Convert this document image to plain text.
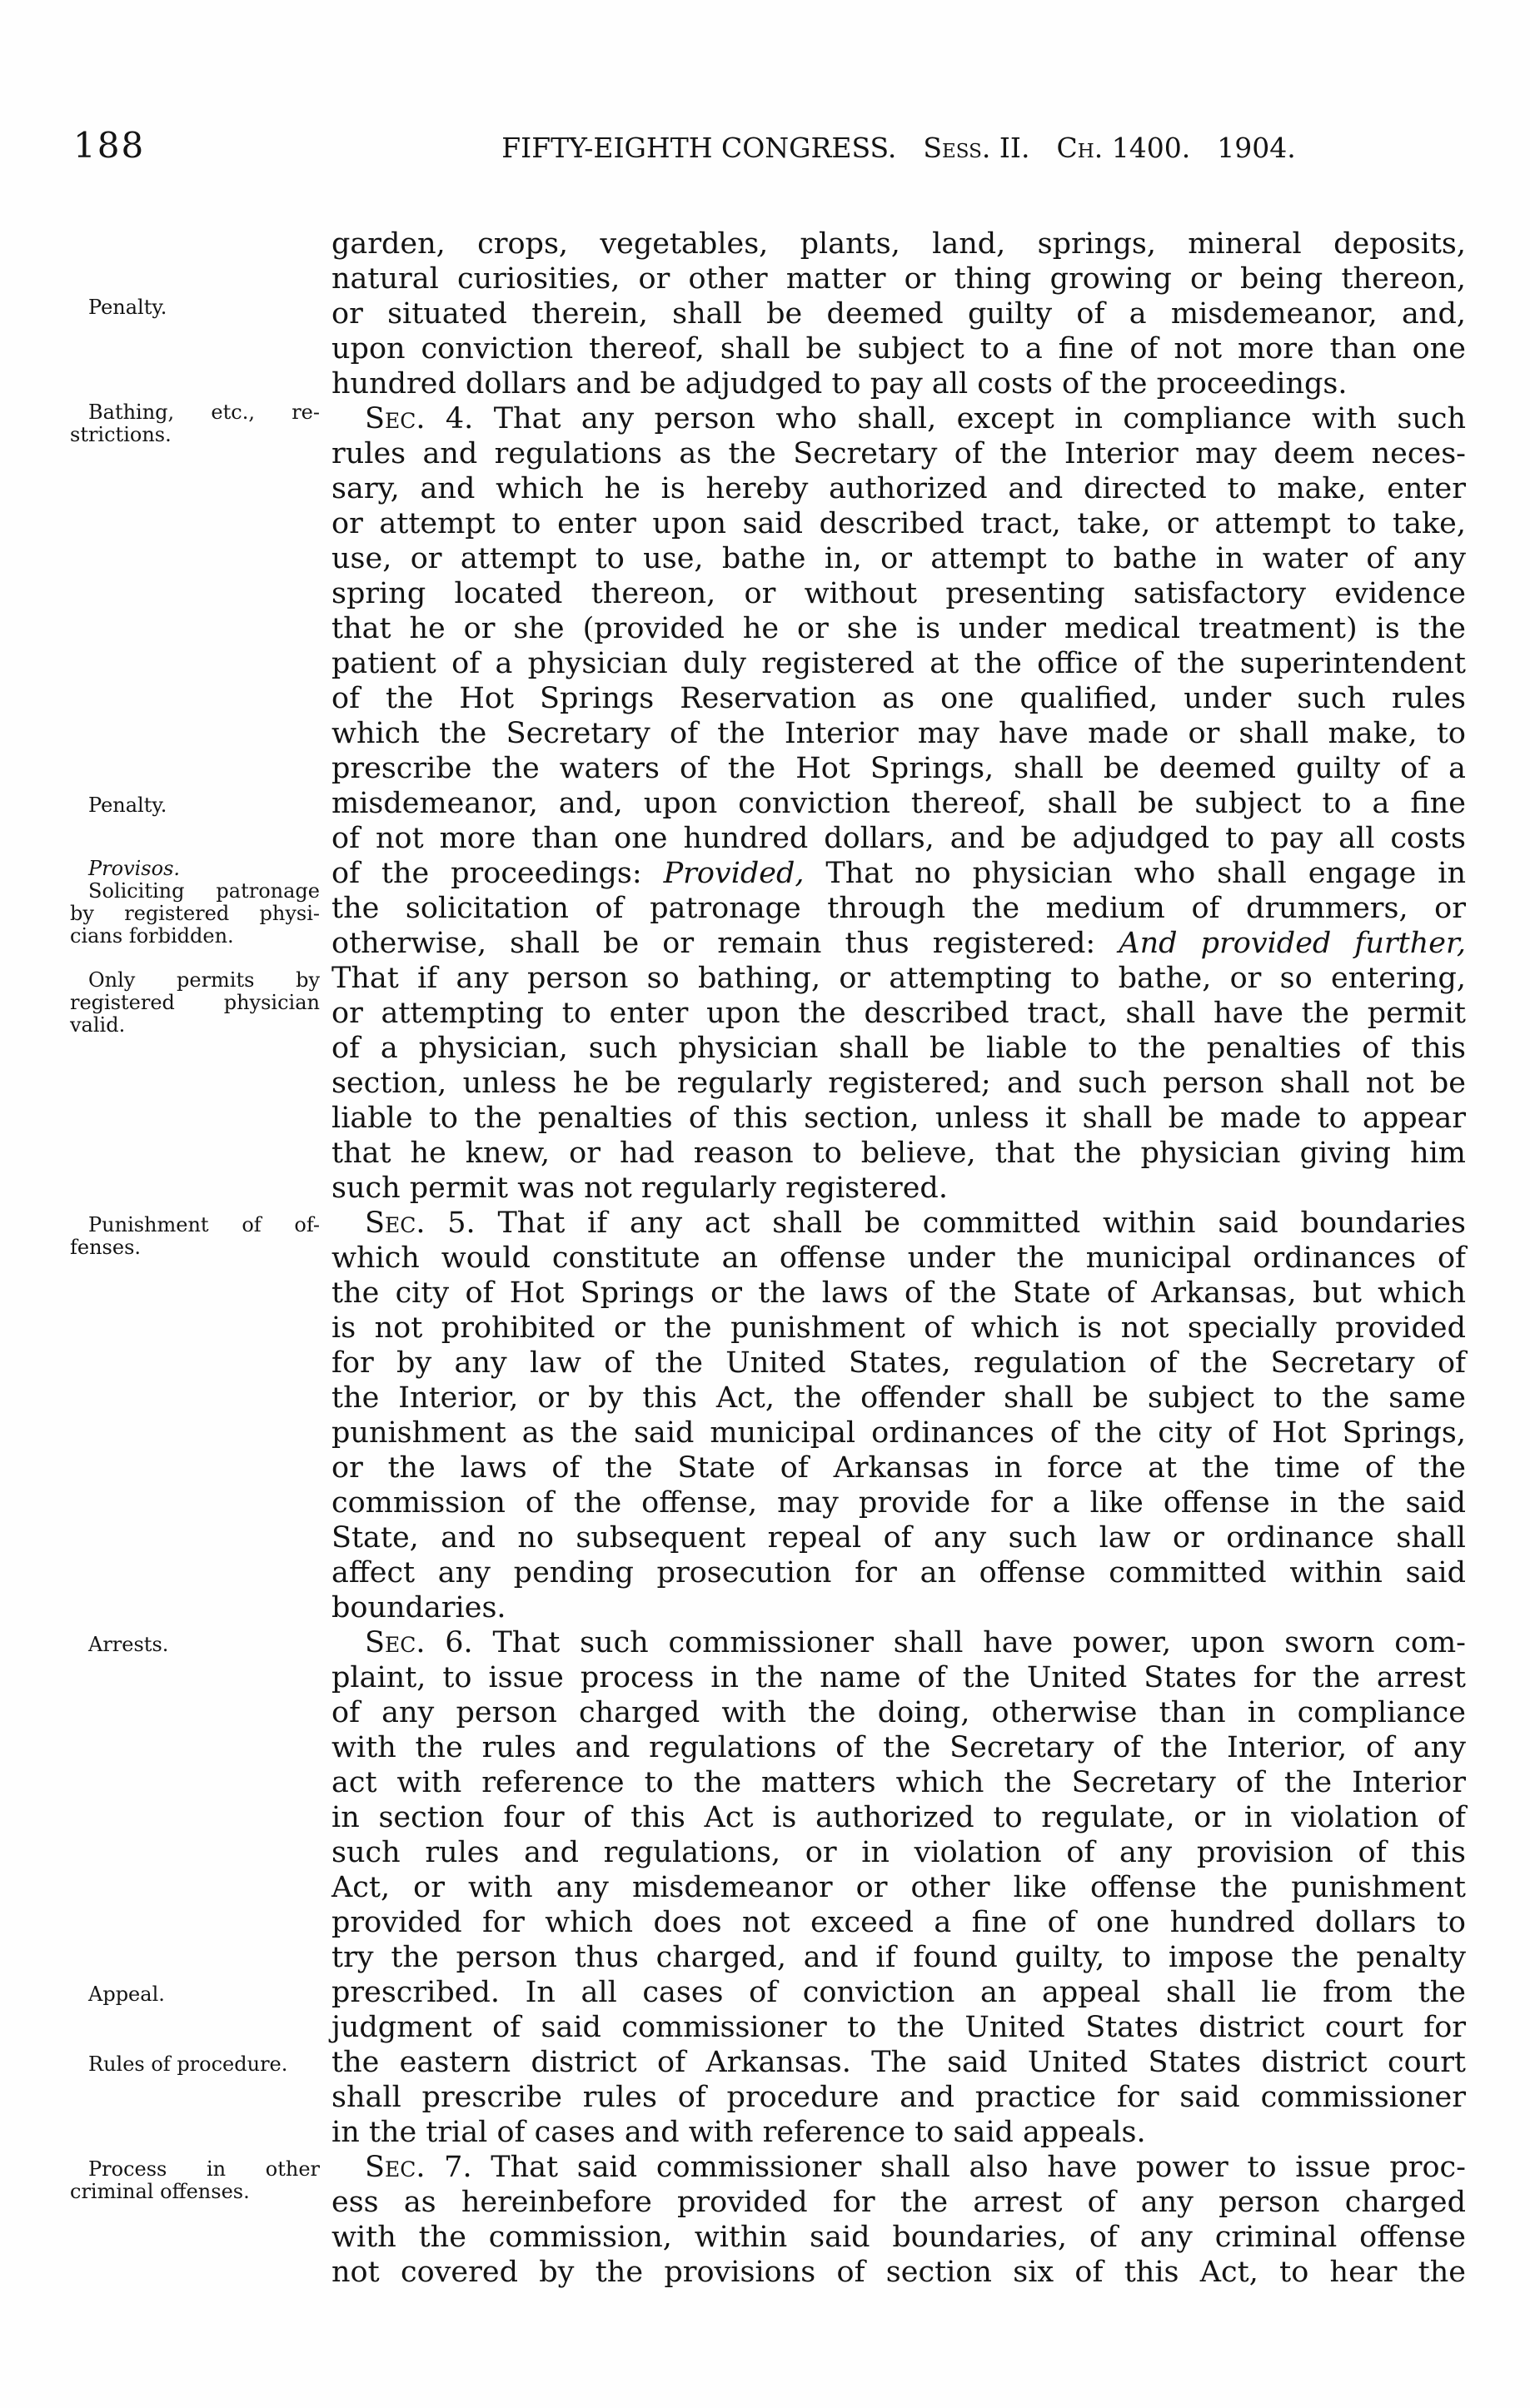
188	FIFTY-EIGHTH CONGRESS. Sess. II. Ch. 1400. 1904.
Penalty.
Bathing, etc., re-
strictions.
Penalty.
Provisos.
Soliciting patronage
by registered physi-
cians forbidden.
Only permits by
registered physician
valid.
Punishment of of-
fenses.
Arrests.
Appeal.
Rules of procedure.
Process in other
criminal offenses.
garden, crops, vegetables, plants, land, springs, mineral deposits,
natural curiosities, or other matter or thing growing or being thereon,
or situated therein, shall be deemed guilty of a misdemeanor, and,
upon conviction thereof, shall be subject to a fine of not more than one
hundred dollars and be adjudged to pay all costs of the proceedings.
Sec. 4. That any person who shall, except in compliance with such
rules and regulations as the Secretary of the Interior may deem neces-
sary, and which he is hereby authorized and directed to make, enter
or attempt to enter upon said described tract, take, or attempt to take,
use, or attempt to use, bathe in, or attempt to bathe in water of any
spring located thereon, or without presenting satisfactory evidence
that he or she (provided he or she is under medical treatment) is the
patient of a physician duly registered at the office of the superintendent
of the Hot Springs Reservation as one qualified, under such rules
which the Secretary of the Interior may have made or shall make, to
prescribe the waters of the Hot Springs, shall be deemed guilty of a
misdemeanor, and, upon conviction thereof, shall be subject to a fine
of not more than one hundred dollars, and be adjudged to pay all costs
of the proceedings: Provided, That no physician who shall engage in
the solicitation of patronage through the medium of drummers, or
otherwise, shall be or remain thus registered: And provided further,
That if any person so bathing, or attempting to bathe, or so entering,
or attempting to enter upon the described tract, shall have the permit
of a physician, such physician shall be liable to the penalties of this
section, unless he be regularly registered; and such person shall not be
liable to the penalties of this section, unless it shall be made to appear
that he knew, or had reason to believe, that the physician giving him
such permit was not regularly registered.
Sec. 5. That if any act shall be committed within said boundaries
which would constitute an offense under the municipal ordinances of
the city of Hot Springs or the laws of the State of Arkansas, but which
is not prohibited or the punishment of which is not specially provided
for by any law of the United States, regulation of the Secretary of
the Interior, or by this Act, the offender shall be subject to the same
punishment as the said municipal ordinances of the city of Hot Springs,
or the laws of the State of Arkansas in force at the time of the
commission of the offense, may provide for a like offense in the said
State, and no subsequent repeal of any such law or ordinance shall
affect any pending prosecution for an offense committed within said
boundaries.
Sec. 6. That such commissioner shall have power, upon sworn com-
plaint, to issue process in the name of the United States for the arrest
of any person charged with the doing, otherwise than in compliance
with the rules and regulations of the Secretary of the Interior, of any
act with reference to the matters which the Secretary of the Interior
in section four of this Act is authorized to regulate, or in violation of
such rules and regulations, or in violation of any provision of this
Act, or with any misdemeanor or other like offense the punishment
provided for which does not exceed a fine of one hundred dollars to
try the person thus charged, and if found guilty, to impose the penalty
prescribed. In all cases of conviction an appeal shall lie from the
judgment of said commissioner to the United States district court for
the eastern district of Arkansas. The said United States district court
shall prescribe rules of procedure and practice for said commissioner
in the trial of cases and with reference to said appeals.
Sec. 7. That said commissioner shall also have power to issue proc-
ess as hereinbefore provided for the arrest of any person charged
with the commission, within said boundaries, of any criminal offense
not covered by the provisions of section six of this Act, to hear the
